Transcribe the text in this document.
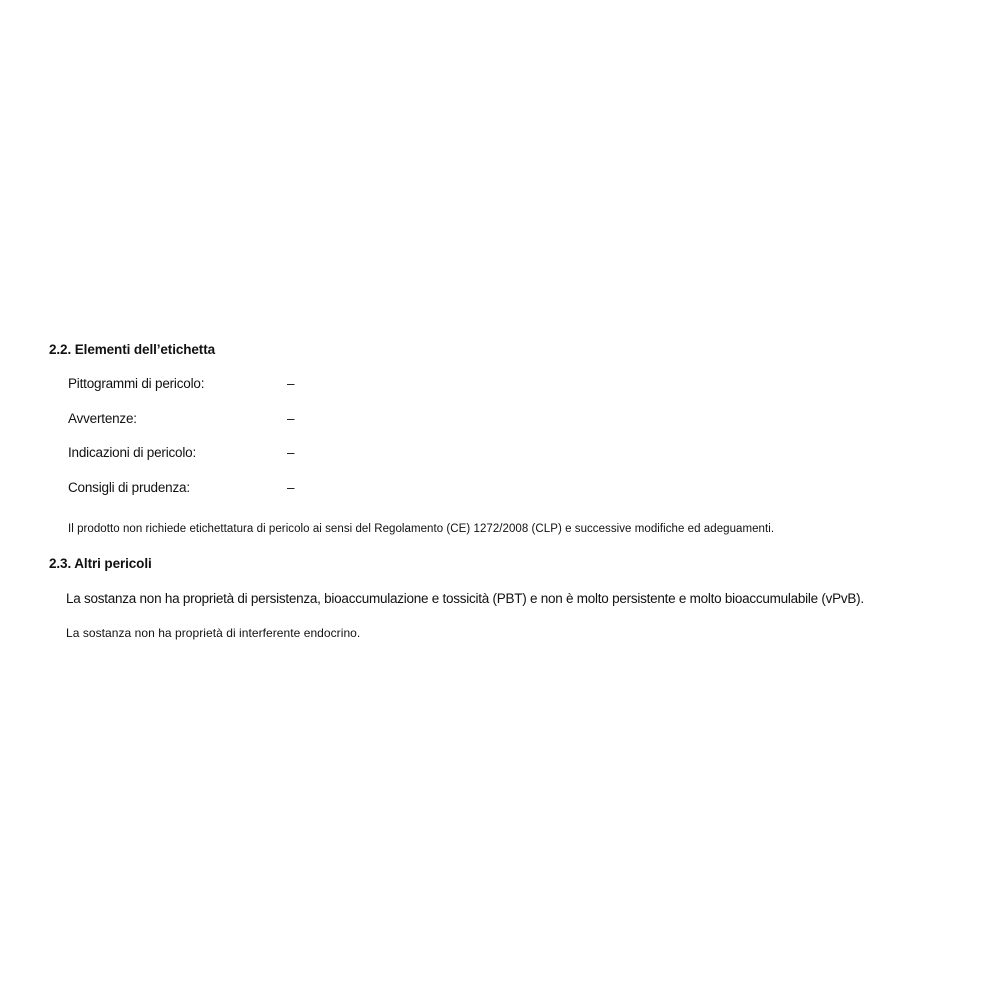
2.2. Elementi dell’etichetta
Pittogrammi di pericolo:	–
Avvertenze:	–
Indicazioni di pericolo:	–
Consigli di prudenza:	–
Il prodotto non richiede etichettatura di pericolo ai sensi del Regolamento (CE) 1272/2008 (CLP) e successive modifiche ed adeguamenti.
2.3. Altri pericoli
La sostanza non ha proprietà di persistenza, bioaccumulazione e tossicità (PBT) e non è molto persistente e molto bioaccumulabile (vPvB).
La sostanza non ha proprietà di interferente endocrino.
